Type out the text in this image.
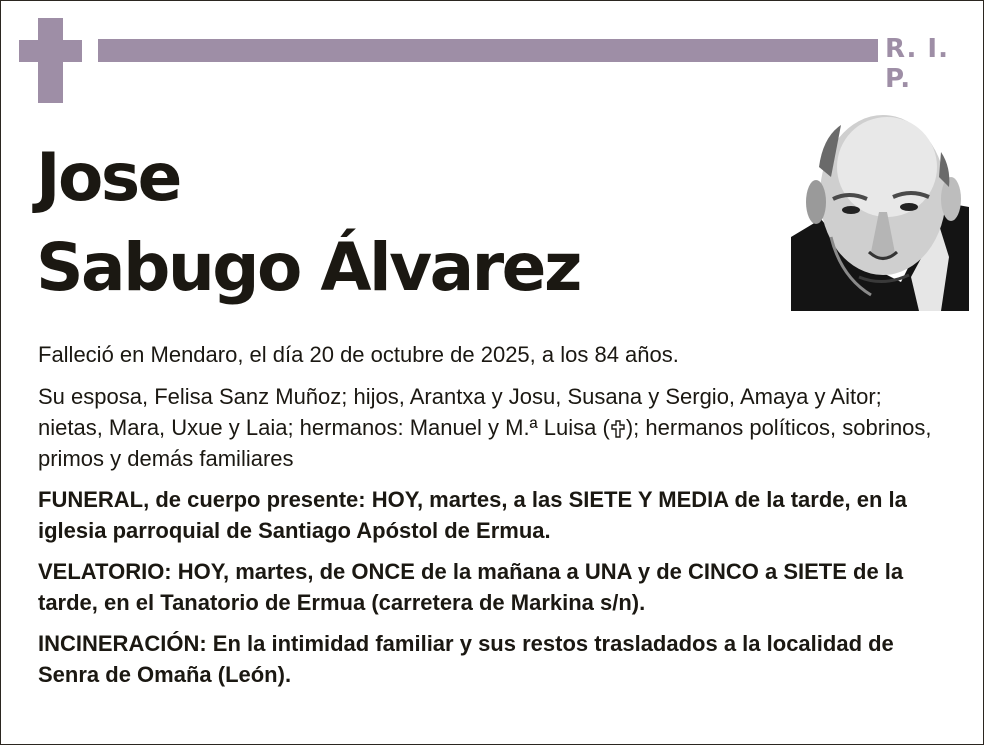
R. I. P.
Jose
Sabugo Álvarez

Falleció en Mendaro, el día 20 de octubre de 2025, a los 84 años.

Su esposa, Felisa Sanz Muñoz; hijos, Arantxa y Josu, Susana y Sergio, Amaya y Aitor; nietas, Mara, Uxue y Laia; hermanos: Manuel y M.ª Luisa ( ); hermanos políticos, sobrinos, primos y demás familiares

FUNERAL, de cuerpo presente: HOY, martes, a las SIETE Y MEDIA de la tarde, en la iglesia parroquial de Santiago Apóstol de Ermua.

VELATORIO: HOY, martes, de ONCE de la mañana a UNA y de CINCO a SIETE de la tarde, en el Tanatorio de Ermua (carretera de Markina s/n).

INCINERACIÓN: En la intimidad familiar y sus restos trasladados a la localidad de Senra de Omaña (León).
